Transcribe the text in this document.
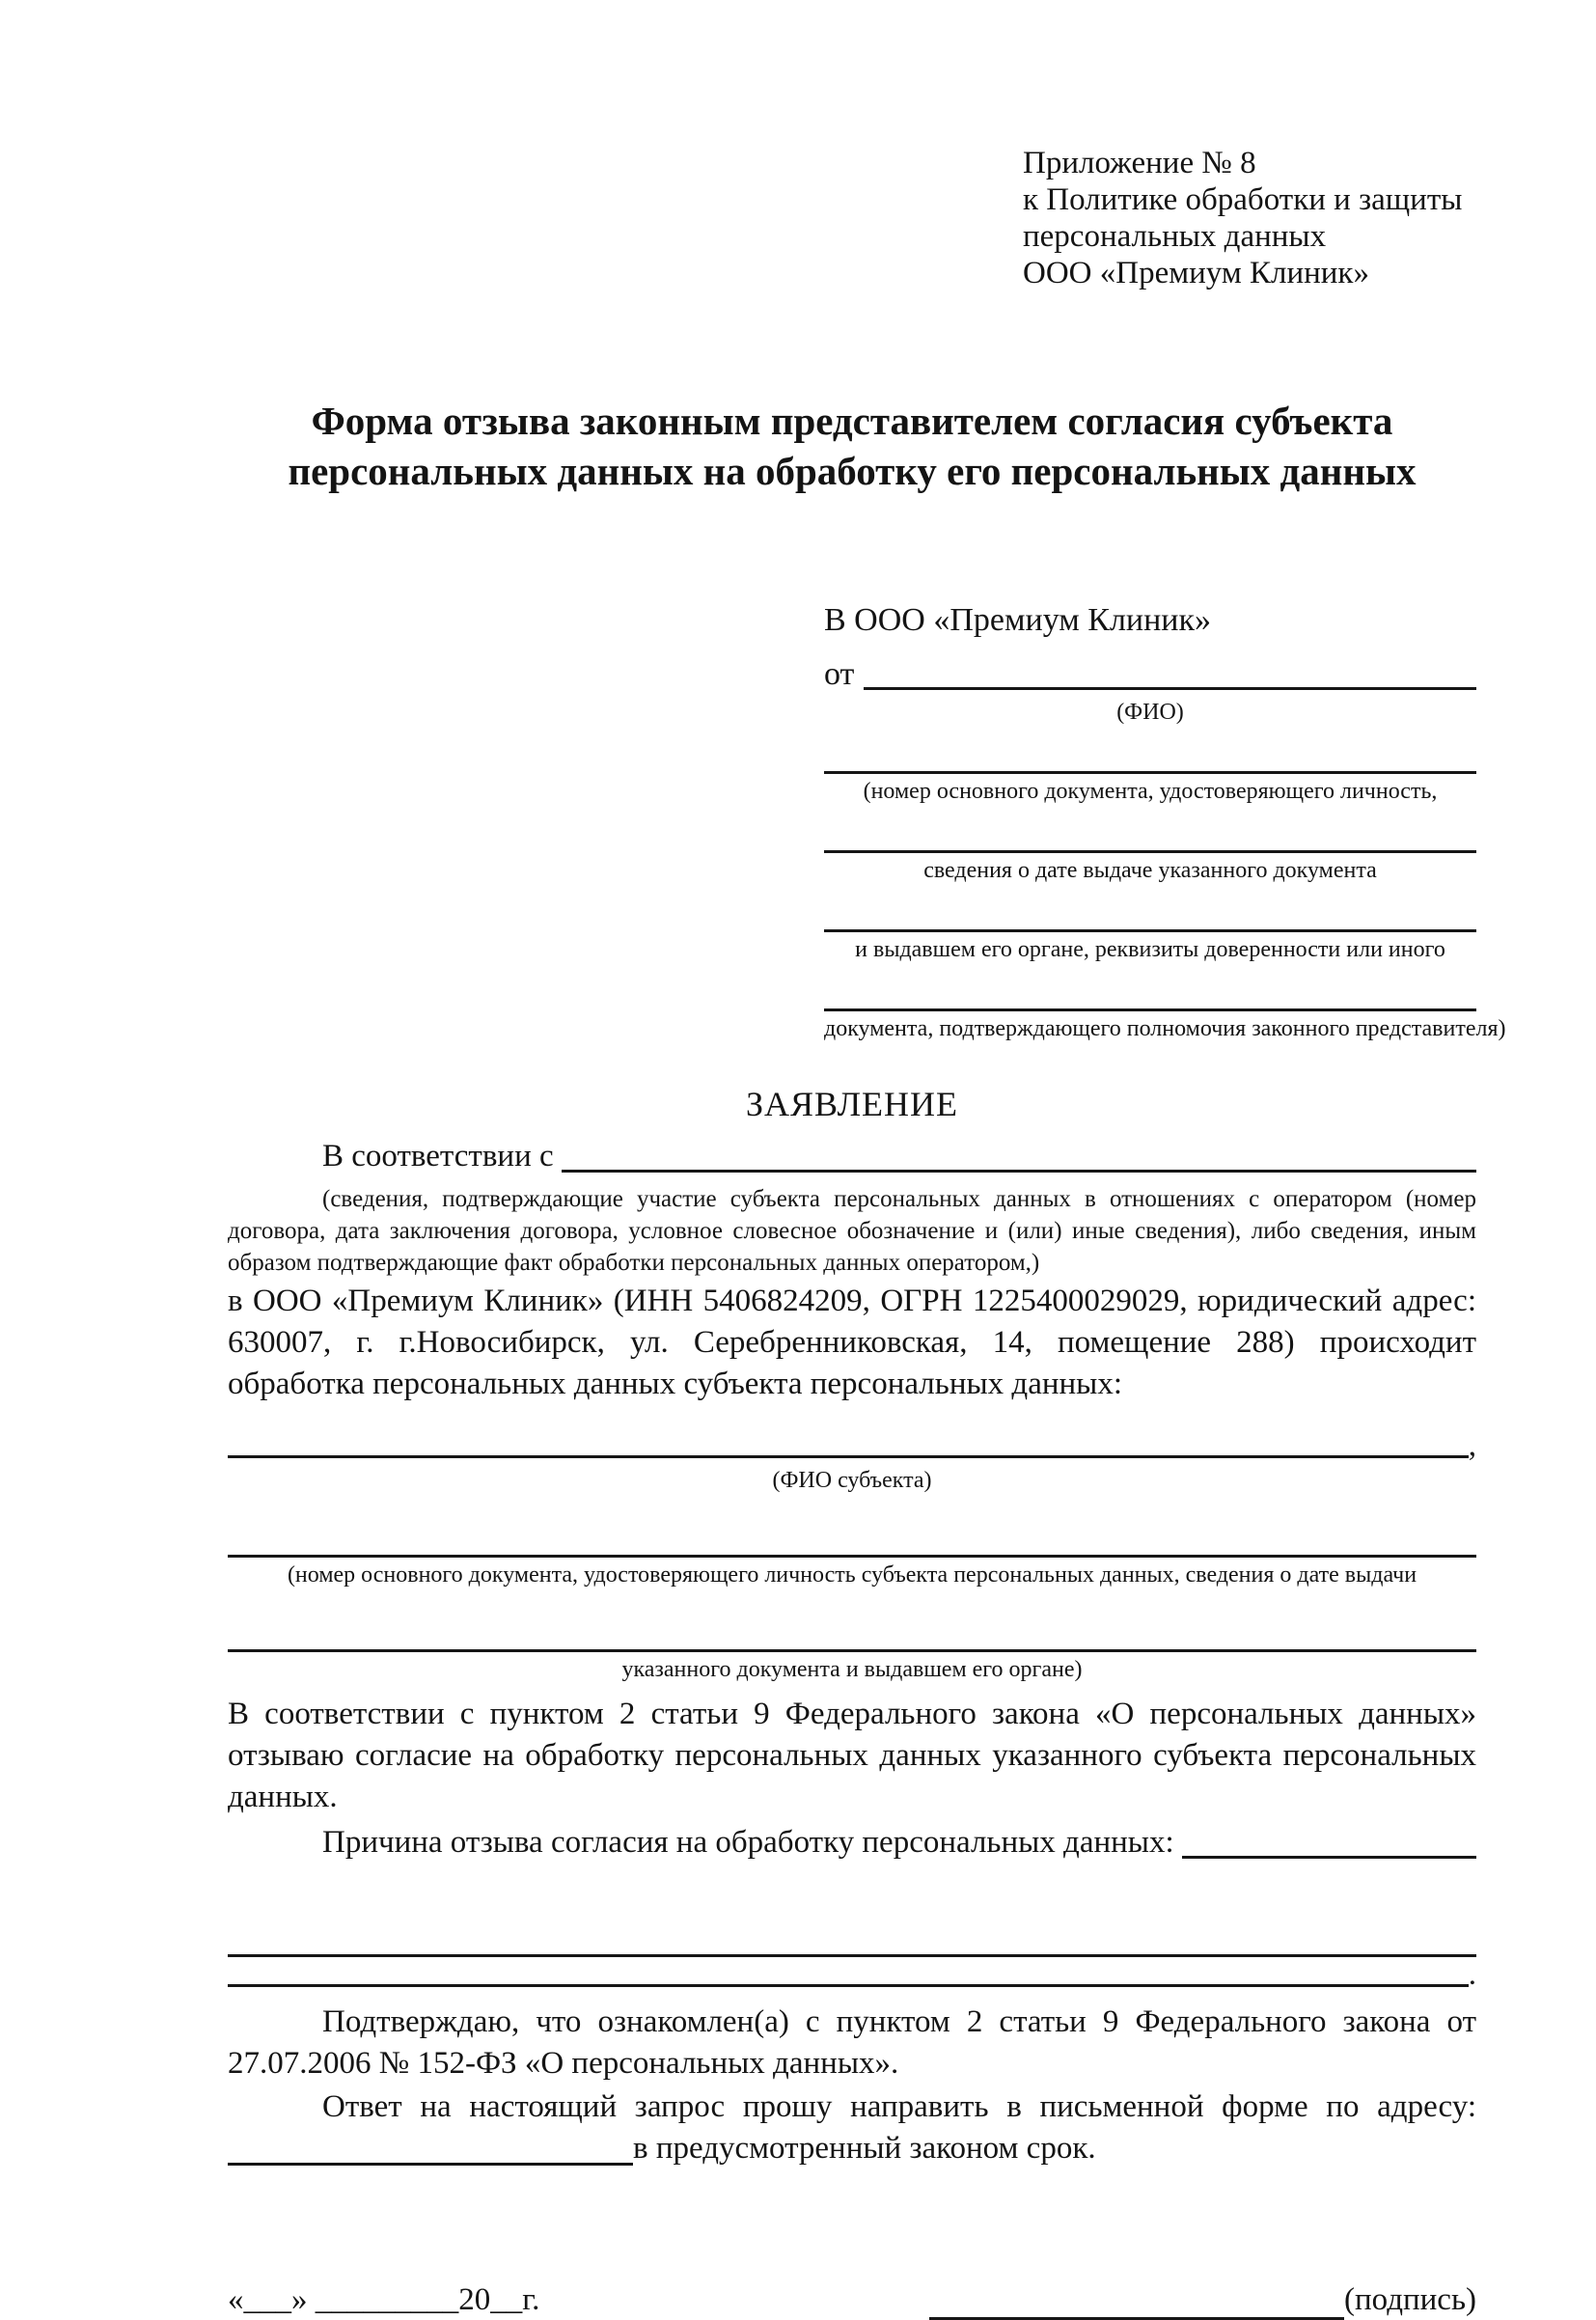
Приложение № 8
к Политике обработки и защиты
персональных данных
ООО «Премиум Клиник»
Форма отзыва законным представителем согласия субъекта
персональных данных на обработку его персональных данных
В ООО «Премиум Клиник»
от
(ФИО)
(номер основного документа, удостоверяющего личность,
сведения о дате выдаче указанного документа
и выдавшем его органе, реквизиты доверенности или иного
документа, подтверждающего полномочия законного представителя)
ЗАЯВЛЕНИЕ
В соответствии с
(сведения, подтверждающие участие субъекта персональных данных в отношениях с оператором (номер договора, дата заключения договора, условное словесное обозначение и (или) иные сведения), либо сведения, иным образом подтверждающие факт обработки персональных данных оператором,)

в ООО «Премиум Клиник» (ИНН 5406824209, ОГРН 1225400029029, юридический адрес: 630007, г. г.Новосибирск, ул. Серебренниковская, 14, помещение 288) происходит обработка персональных данных субъекта персональных данных:

,
(ФИО субъекта)
(номер основного документа, удостоверяющего личность субъекта персональных данных, сведения о дате выдачи
указанного документа и выдавшем его органе)

В соответствии с пунктом 2 статьи 9 Федерального закона «О персональных данных» отзываю согласие на обработку персональных данных указанного субъекта персональных данных.

Причина отзыва согласия на обработку персональных данных:
.

Подтверждаю, что ознакомлен(а) с пунктом 2 статьи 9 Федерального закона от 27.07.2006 № 152-ФЗ «О персональных данных».

Ответ на настоящий запрос прошу направить в письменной форме по адресу:
в предусмотренный законом срок.
«___» _________20__г.	(подпись)
